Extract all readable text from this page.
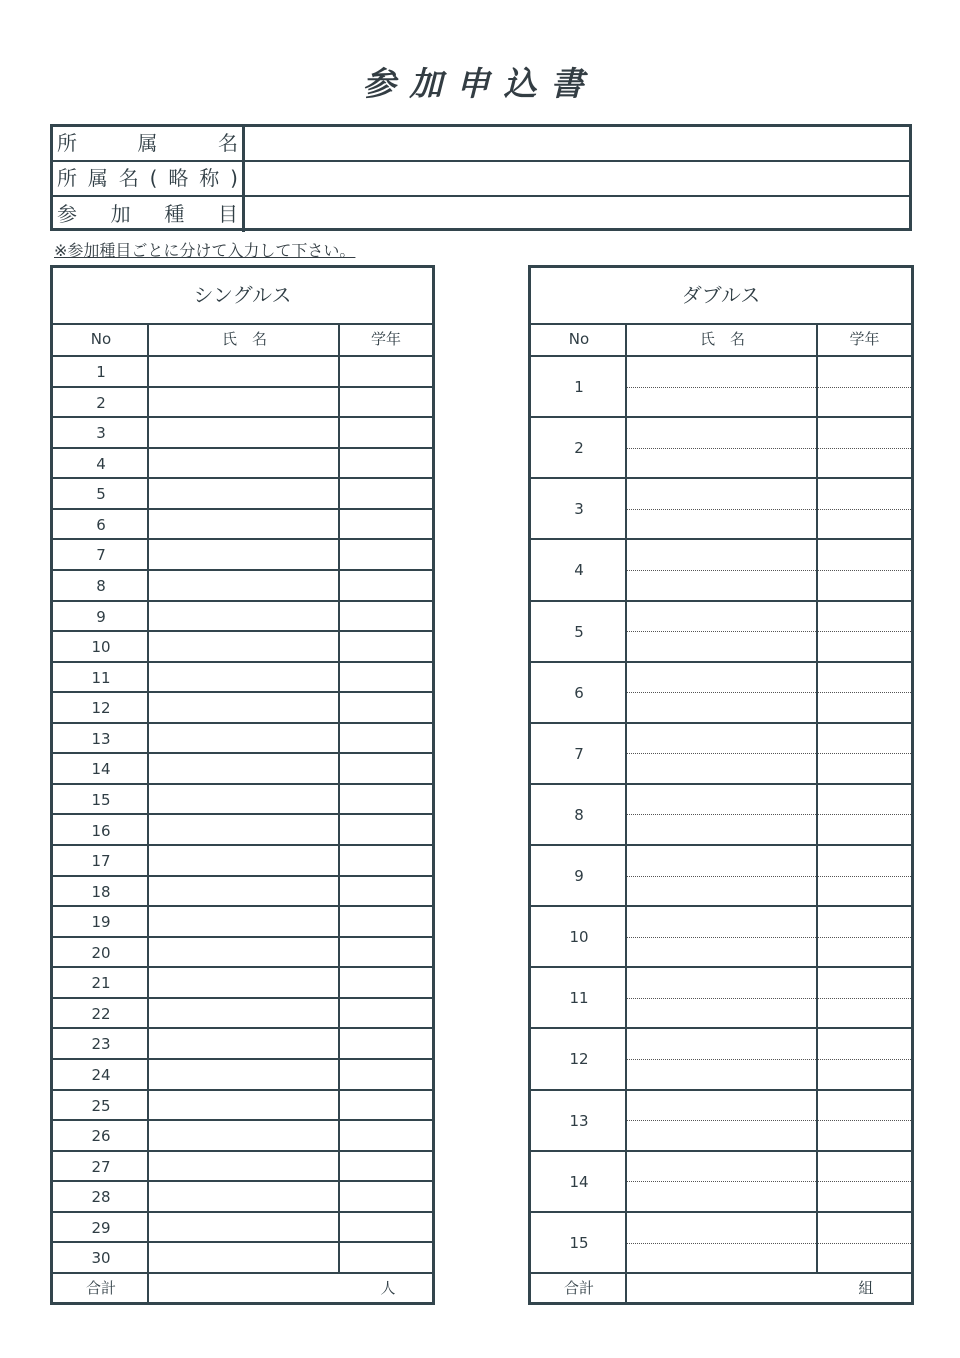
参加申込書
所	属	名
所 属 名 ( 略 称 )
参 加 種 目
※参加種目ごとに分けて入力して下さい。
シングルス
No	氏　名	学年
1
2
3
4
5
6
7
8
9
10
11
12
13
14
15
16
17
18
19
20
21
22
23
24
25
26
27
28
29
30
合計	人
ダブルス
No	氏　名	学年
1
2
3
4
5
6
7
8
9
10
11
12
13
14
15
合計	組
